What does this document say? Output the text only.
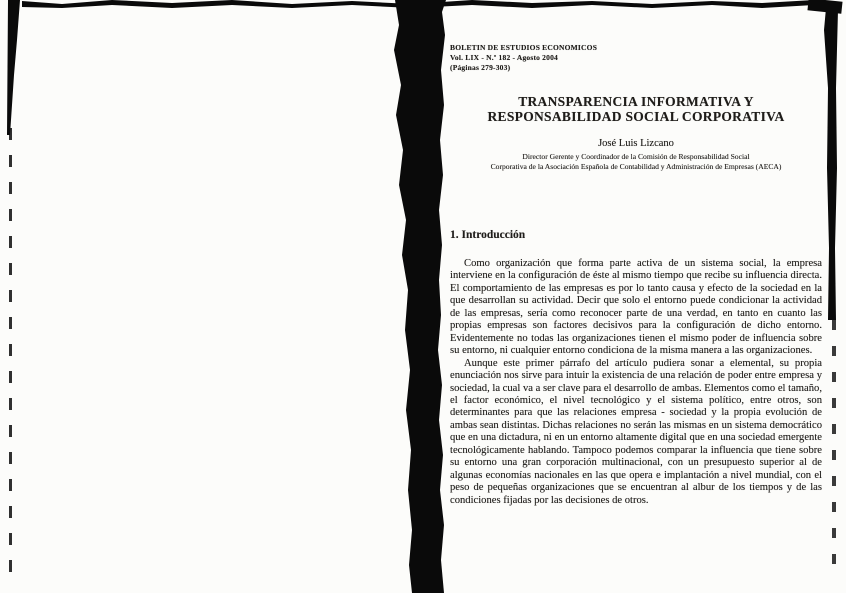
BOLETIN DE ESTUDIOS ECONOMICOS
Vol. LIX - N.º 182 - Agosto 2004
(Páginas 279-303)
TRANSPARENCIA INFORMATIVA Y
RESPONSABILIDAD SOCIAL CORPORATIVA
José Luis Lizcano
Director Gerente y Coordinador de la Comisión de Responsabilidad Social
Corporativa de la Asociación Española de Contabilidad y Administración de Empresas (AECA)
1. Introducción

Como organización que forma parte activa de un sistema social, la empresa interviene en la configuración de éste al mismo tiempo que recibe su influencia directa. El comportamiento de las empresas es por lo tanto causa y efecto de la sociedad en la que desarrollan su actividad. Decir que solo el entorno puede condicionar la actividad de las empresas, sería como reconocer parte de una verdad, en tanto en cuanto las propias empresas son factores decisivos para la configuración de dicho entorno. Evidentemente no todas las organizaciones tienen el mismo poder de influencia sobre su entorno, ni cualquier entorno condiciona de la misma manera a las organizaciones.

Aunque este primer párrafo del artículo pudiera sonar a elemental, su propia enunciación nos sirve para intuir la existencia de una relación de poder entre empresa y sociedad, la cual va a ser clave para el desarrollo de ambas. Elementos como el tamaño, el factor económico, el nivel tecnológico y el sistema político, entre otros, son determinantes para que las relaciones empresa - sociedad y la propia evolución de ambas sean distintas. Dichas relaciones no serán las mismas en un sistema democrático que en una dictadura, ni en un entorno altamente digital que en una sociedad emergente tecnológicamente hablando. Tampoco podemos comparar la influencia que tiene sobre su entorno una gran corporación multinacional, con un presupuesto superior al de algunas economías nacionales en las que opera e implantación a nivel mundial, con el peso de pequeñas organizaciones que se encuentran al albur de los tiempos y de las condiciones fijadas por las decisiones de otros.
